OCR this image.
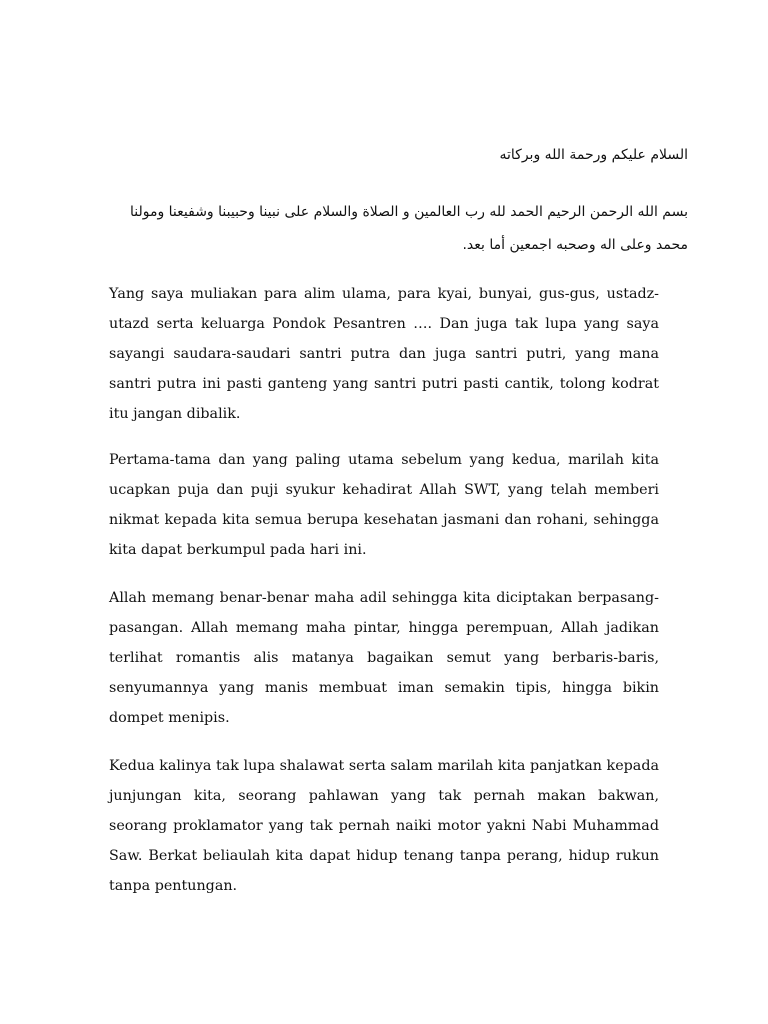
السلام عليكم ورحمة الله وبركاته
بسم الله الرحمن الرحيم الحمد لله رب العالمين و الصلاة والسلام على نبينا وحبيبنا وشفيعنا ومولنا محمد وعلى اله وصحبه اجمعين أما بعد.
Yang saya muliakan para alim ulama, para kyai, bunyai, gus-gus, ustadz-utazd serta keluarga Pondok Pesantren …. Dan juga tak lupa yang saya sayangi saudara-saudari santri putra dan juga santri putri, yang mana santri putra ini pasti ganteng yang santri putri pasti cantik, tolong kodrat itu jangan dibalik.
Pertama-tama dan yang paling utama sebelum yang kedua, marilah kita ucapkan puja dan puji syukur kehadirat Allah SWT, yang telah memberi nikmat kepada kita semua berupa kesehatan jasmani dan rohani, sehingga kita dapat berkumpul pada hari ini.
Allah memang benar-benar maha adil sehingga kita diciptakan berpasang-pasangan. Allah memang maha pintar, hingga perempuan, Allah jadikan terlihat romantis alis matanya bagaikan semut yang berbaris-baris, senyumannya yang manis membuat iman semakin tipis, hingga bikin dompet menipis.
Kedua kalinya tak lupa shalawat serta salam marilah kita panjatkan kepada junjungan kita, seorang pahlawan yang tak pernah makan bakwan, seorang proklamator yang tak pernah naiki motor yakni Nabi Muhammad Saw. Berkat beliaulah kita dapat hidup tenang tanpa perang, hidup rukun tanpa pentungan.
